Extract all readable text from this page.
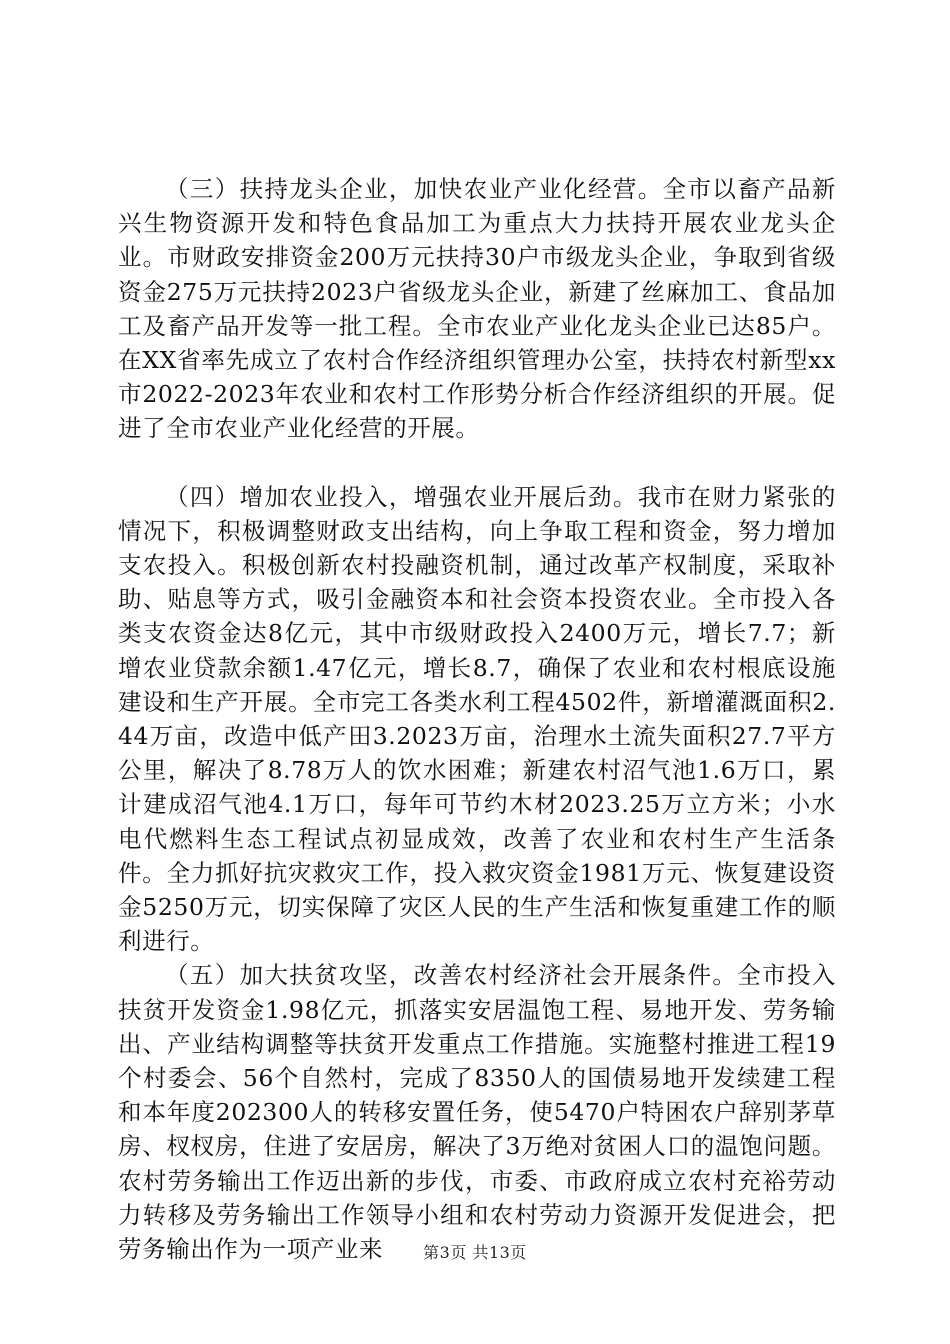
（三）扶持龙头企业，加快农业产业化经营。全市以畜产品新兴生物资源开发和特色食品加工为重点大力扶持开展农业龙头企业。市财政安排资金200万元扶持30户市级龙头企业，争取到省级资金275万元扶持2023户省级龙头企业，新建了丝麻加工、食品加工及畜产品开发等一批工程。全市农业产业化龙头企业已达85户。在XX省率先成立了农村合作经济组织管理办公室，扶持农村新型xx市2022-2023年农业和农村工作形势分析合作经济组织的开展。促进了全市农业产业化经营的开展。

（四）增加农业投入，增强农业开展后劲。我市在财力紧张的情况下，积极调整财政支出结构，向上争取工程和资金，努力增加支农投入。积极创新农村投融资机制，通过改革产权制度，采取补助、贴息等方式，吸引金融资本和社会资本投资农业。全市投入各类支农资金达8亿元，其中市级财政投入2400万元，增长7.7；新增农业贷款余额1.47亿元，增长8.7，确保了农业和农村根底设施建设和生产开展。全市完工各类水利工程4502件，新增灌溉面积2.44万亩，改造中低产田3.2023万亩，治理水土流失面积27.7平方公里，解决了8.78万人的饮水困难；新建农村沼气池1.6万口，累计建成沼气池4.1万口，每年可节约木材2023.25万立方米；小水电代燃料生态工程试点初显成效，改善了农业和农村生产生活条件。全力抓好抗灾救灾工作，投入救灾资金1981万元、恢复建设资金5250万元，切实保障了灾区人民的生产生活和恢复重建工作的顺利进行。

（五）加大扶贫攻坚，改善农村经济社会开展条件。全市投入扶贫开发资金1.98亿元，抓落实安居温饱工程、易地开发、劳务输出、产业结构调整等扶贫开发重点工作措施。实施整村推进工程19个村委会、56个自然村，完成了8350人的国债易地开发续建工程和本年度202300人的转移安置任务，使5470户特困农户辞别茅草房、杈杈房，住进了安居房，解决了3万绝对贫困人口的温饱问题。农村劳务输出工作迈出新的步伐，市委、市政府成立农村充裕劳动力转移及劳务输出工作领导小组和农村劳动力资源开发促进会，把劳务输出作为一项产业来	第3页 共13页
